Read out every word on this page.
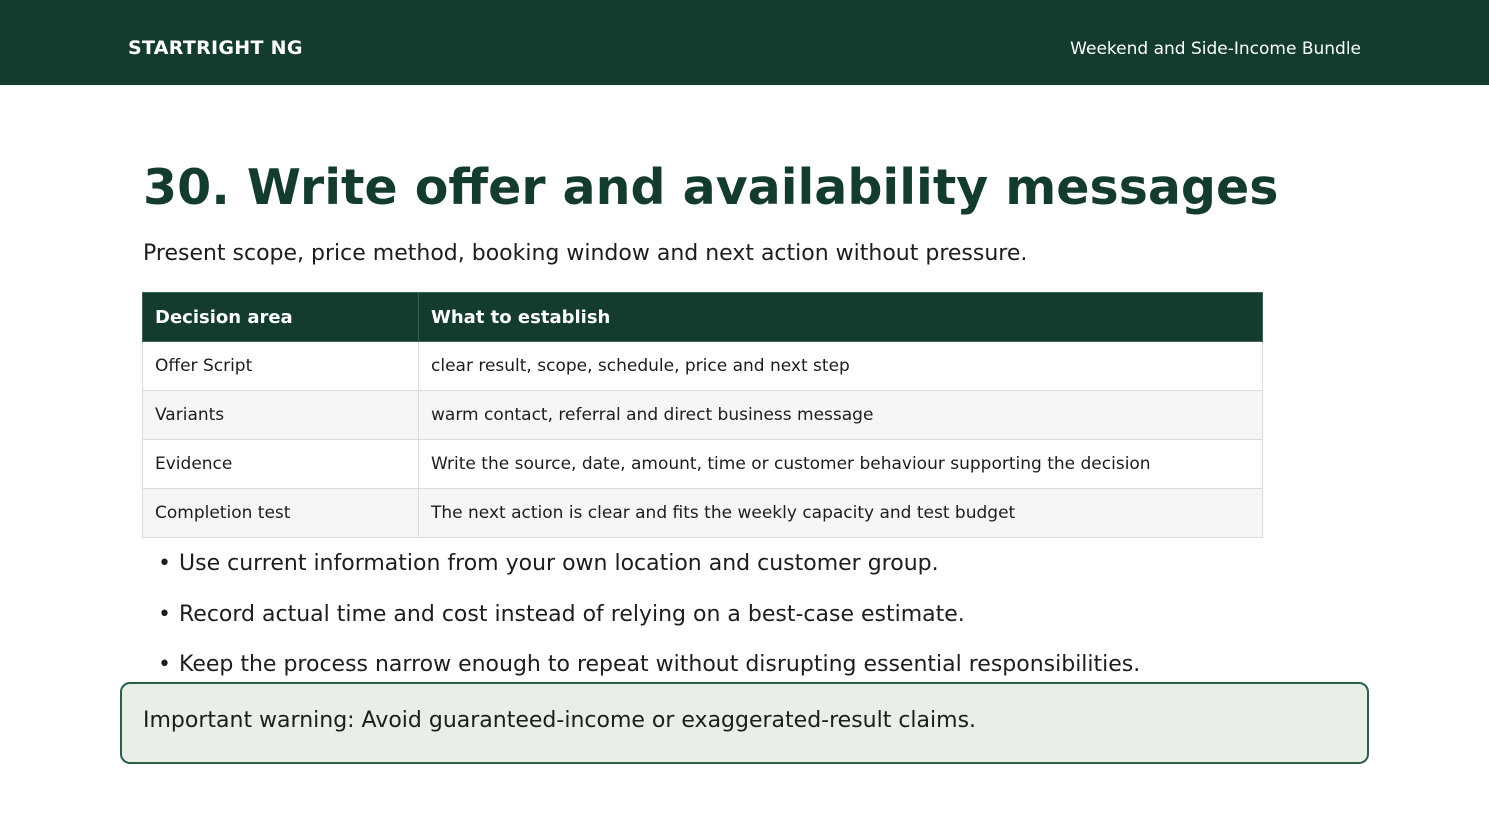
STARTRIGHT NG	Weekend and Side-Income Bundle
30. Write offer and availability messages

Present scope, price method, booking window and next action without pressure.

Decision area	What to establish
Offer Script	clear result, scope, schedule, price and next step
Variants	warm contact, referral and direct business message
Evidence	Write the source, date, amount, time or customer behaviour supporting the decision
Completion test	The next action is clear and fits the weekly capacity and test budget
• Use current information from your own location and customer group.
• Record actual time and cost instead of relying on a best-case estimate.
• Keep the process narrow enough to repeat without disrupting essential responsibilities.
Important warning: Avoid guaranteed-income or exaggerated-result claims.
